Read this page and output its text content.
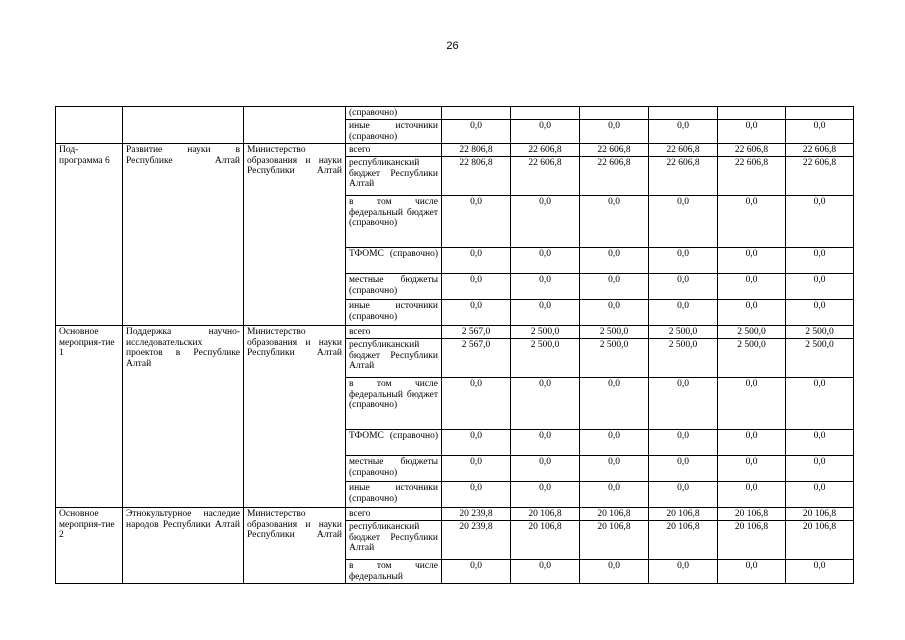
26
			(справочно)						
			иные источники (справочно)	0,0	0,0	0,0	0,0	0,0	0,0
Под-программа 6	Развитие науки в Республике Алтай	Министерство образования и науки Республики Алтай	всего	22 806,8	22 606,8	22 606,8	22 606,8	22 606,8	22 606,8
			республиканский бюджет Республики Алтай	22 806,8	22 606,8	22 606,8	22 606,8	22 606,8	22 606,8
			в том числе федеральный бюджет (справочно)	0,0	0,0	0,0	0,0	0,0	0,0
			ТФОМС (справочно)	0,0	0,0	0,0	0,0	0,0	0,0
			местные бюджеты (справочно)	0,0	0,0	0,0	0,0	0,0	0,0
			иные источники (справочно)	0,0	0,0	0,0	0,0	0,0	0,0
Основное мероприя-тие 1	Поддержка научно-исследовательских проектов в Республике Алтай	Министерство образования и науки Республики Алтай	всего	2 567,0	2 500,0	2 500,0	2 500,0	2 500,0	2 500,0
			республиканский бюджет Республики Алтай	2 567,0	2 500,0	2 500,0	2 500,0	2 500,0	2 500,0
			в том числе федеральный бюджет (справочно)	0,0	0,0	0,0	0,0	0,0	0,0
			ТФОМС (справочно)	0,0	0,0	0,0	0,0	0,0	0,0
			местные бюджеты (справочно)	0,0	0,0	0,0	0,0	0,0	0,0
			иные источники (справочно)	0,0	0,0	0,0	0,0	0,0	0,0
Основное мероприя-тие 2	Этнокультурное наследие народов Республики Алтай	Министерство образования и науки Республики Алтай	всего	20 239,8	20 106,8	20 106,8	20 106,8	20 106,8	20 106,8
			республиканский бюджет Республики Алтай	20 239,8	20 106,8	20 106,8	20 106,8	20 106,8	20 106,8
			в том числе федеральный	0,0	0,0	0,0	0,0	0,0	0,0
